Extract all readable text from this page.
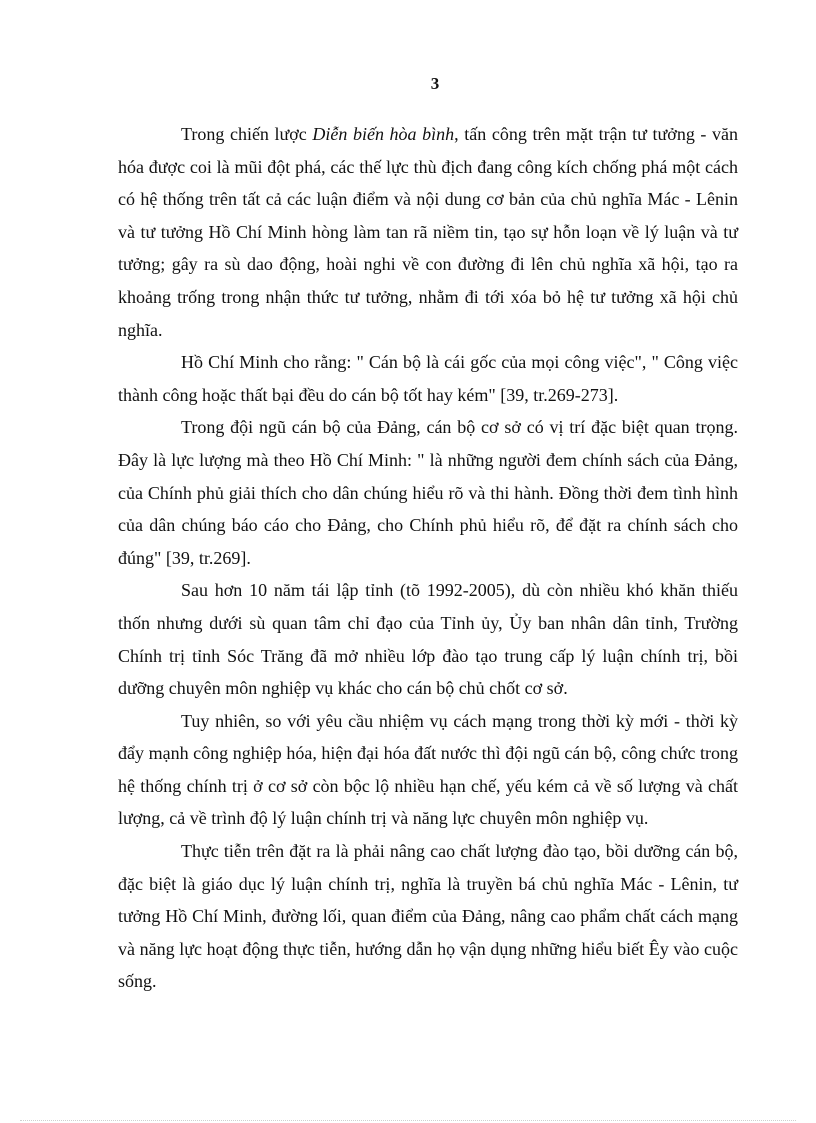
3

Trong chiến lược Diễn biến hòa bình, tấn công trên mặt trận tư tưởng - văn hóa được coi là mũi đột phá, các thế lực thù địch đang công kích chống phá một cách có hệ thống trên tất cả các luận điểm và nội dung cơ bản của chủ nghĩa Mác - Lênin và tư tưởng Hồ Chí Minh hòng làm tan rã niềm tin, tạo sự hỗn loạn về lý luận và tư tưởng; gây ra sù dao động, hoài nghi về con đường đi lên chủ nghĩa xã hội, tạo ra khoảng trống trong nhận thức tư tưởng, nhằm đi tới xóa bỏ hệ tư tưởng xã hội chủ nghĩa.

Hồ Chí Minh cho rằng: " Cán bộ là cái gốc của mọi công việc", " Công việc thành công hoặc thất bại đều do cán bộ tốt hay kém" [39, tr.269-273].

Trong đội ngũ cán bộ của Đảng, cán bộ cơ sở có vị trí đặc biệt quan trọng. Đây là lực lượng mà theo Hồ Chí Minh: " là những người đem chính sách của Đảng, của Chính phủ giải thích cho dân chúng hiểu rõ và thi hành. Đồng thời đem tình hình của dân chúng báo cáo cho Đảng, cho Chính phủ hiểu rõ, để đặt ra chính sách cho đúng" [39, tr.269].

Sau hơn 10 năm tái lập tỉnh (tõ 1992-2005), dù còn nhiều khó khăn thiếu thốn nhưng dưới sù quan tâm chỉ đạo của Tỉnh ủy, Ủy ban nhân dân tỉnh, Trường Chính trị tỉnh Sóc Trăng đã mở nhiều lớp đào tạo trung cấp lý luận chính trị, bồi dưỡng chuyên môn nghiệp vụ khác cho cán bộ chủ chốt cơ sở.

Tuy nhiên, so với yêu cầu nhiệm vụ cách mạng trong thời kỳ mới - thời kỳ đẩy mạnh công nghiệp hóa, hiện đại hóa đất nước thì đội ngũ cán bộ, công chức trong hệ thống chính trị ở cơ sở còn bộc lộ nhiều hạn chế, yếu kém cả về số lượng và chất lượng, cả về trình độ lý luận chính trị và năng lực chuyên môn nghiệp vụ.

Thực tiễn trên đặt ra là phải nâng cao chất lượng đào tạo, bồi dưỡng cán bộ, đặc biệt là giáo dục lý luận chính trị, nghĩa là truyền bá chủ nghĩa Mác - Lênin, tư tưởng Hồ Chí Minh, đường lối, quan điểm của Đảng, nâng cao phẩm chất cách mạng và năng lực hoạt động thực tiễn, hướng dẫn họ vận dụng những hiểu biết Êy vào cuộc sống.
